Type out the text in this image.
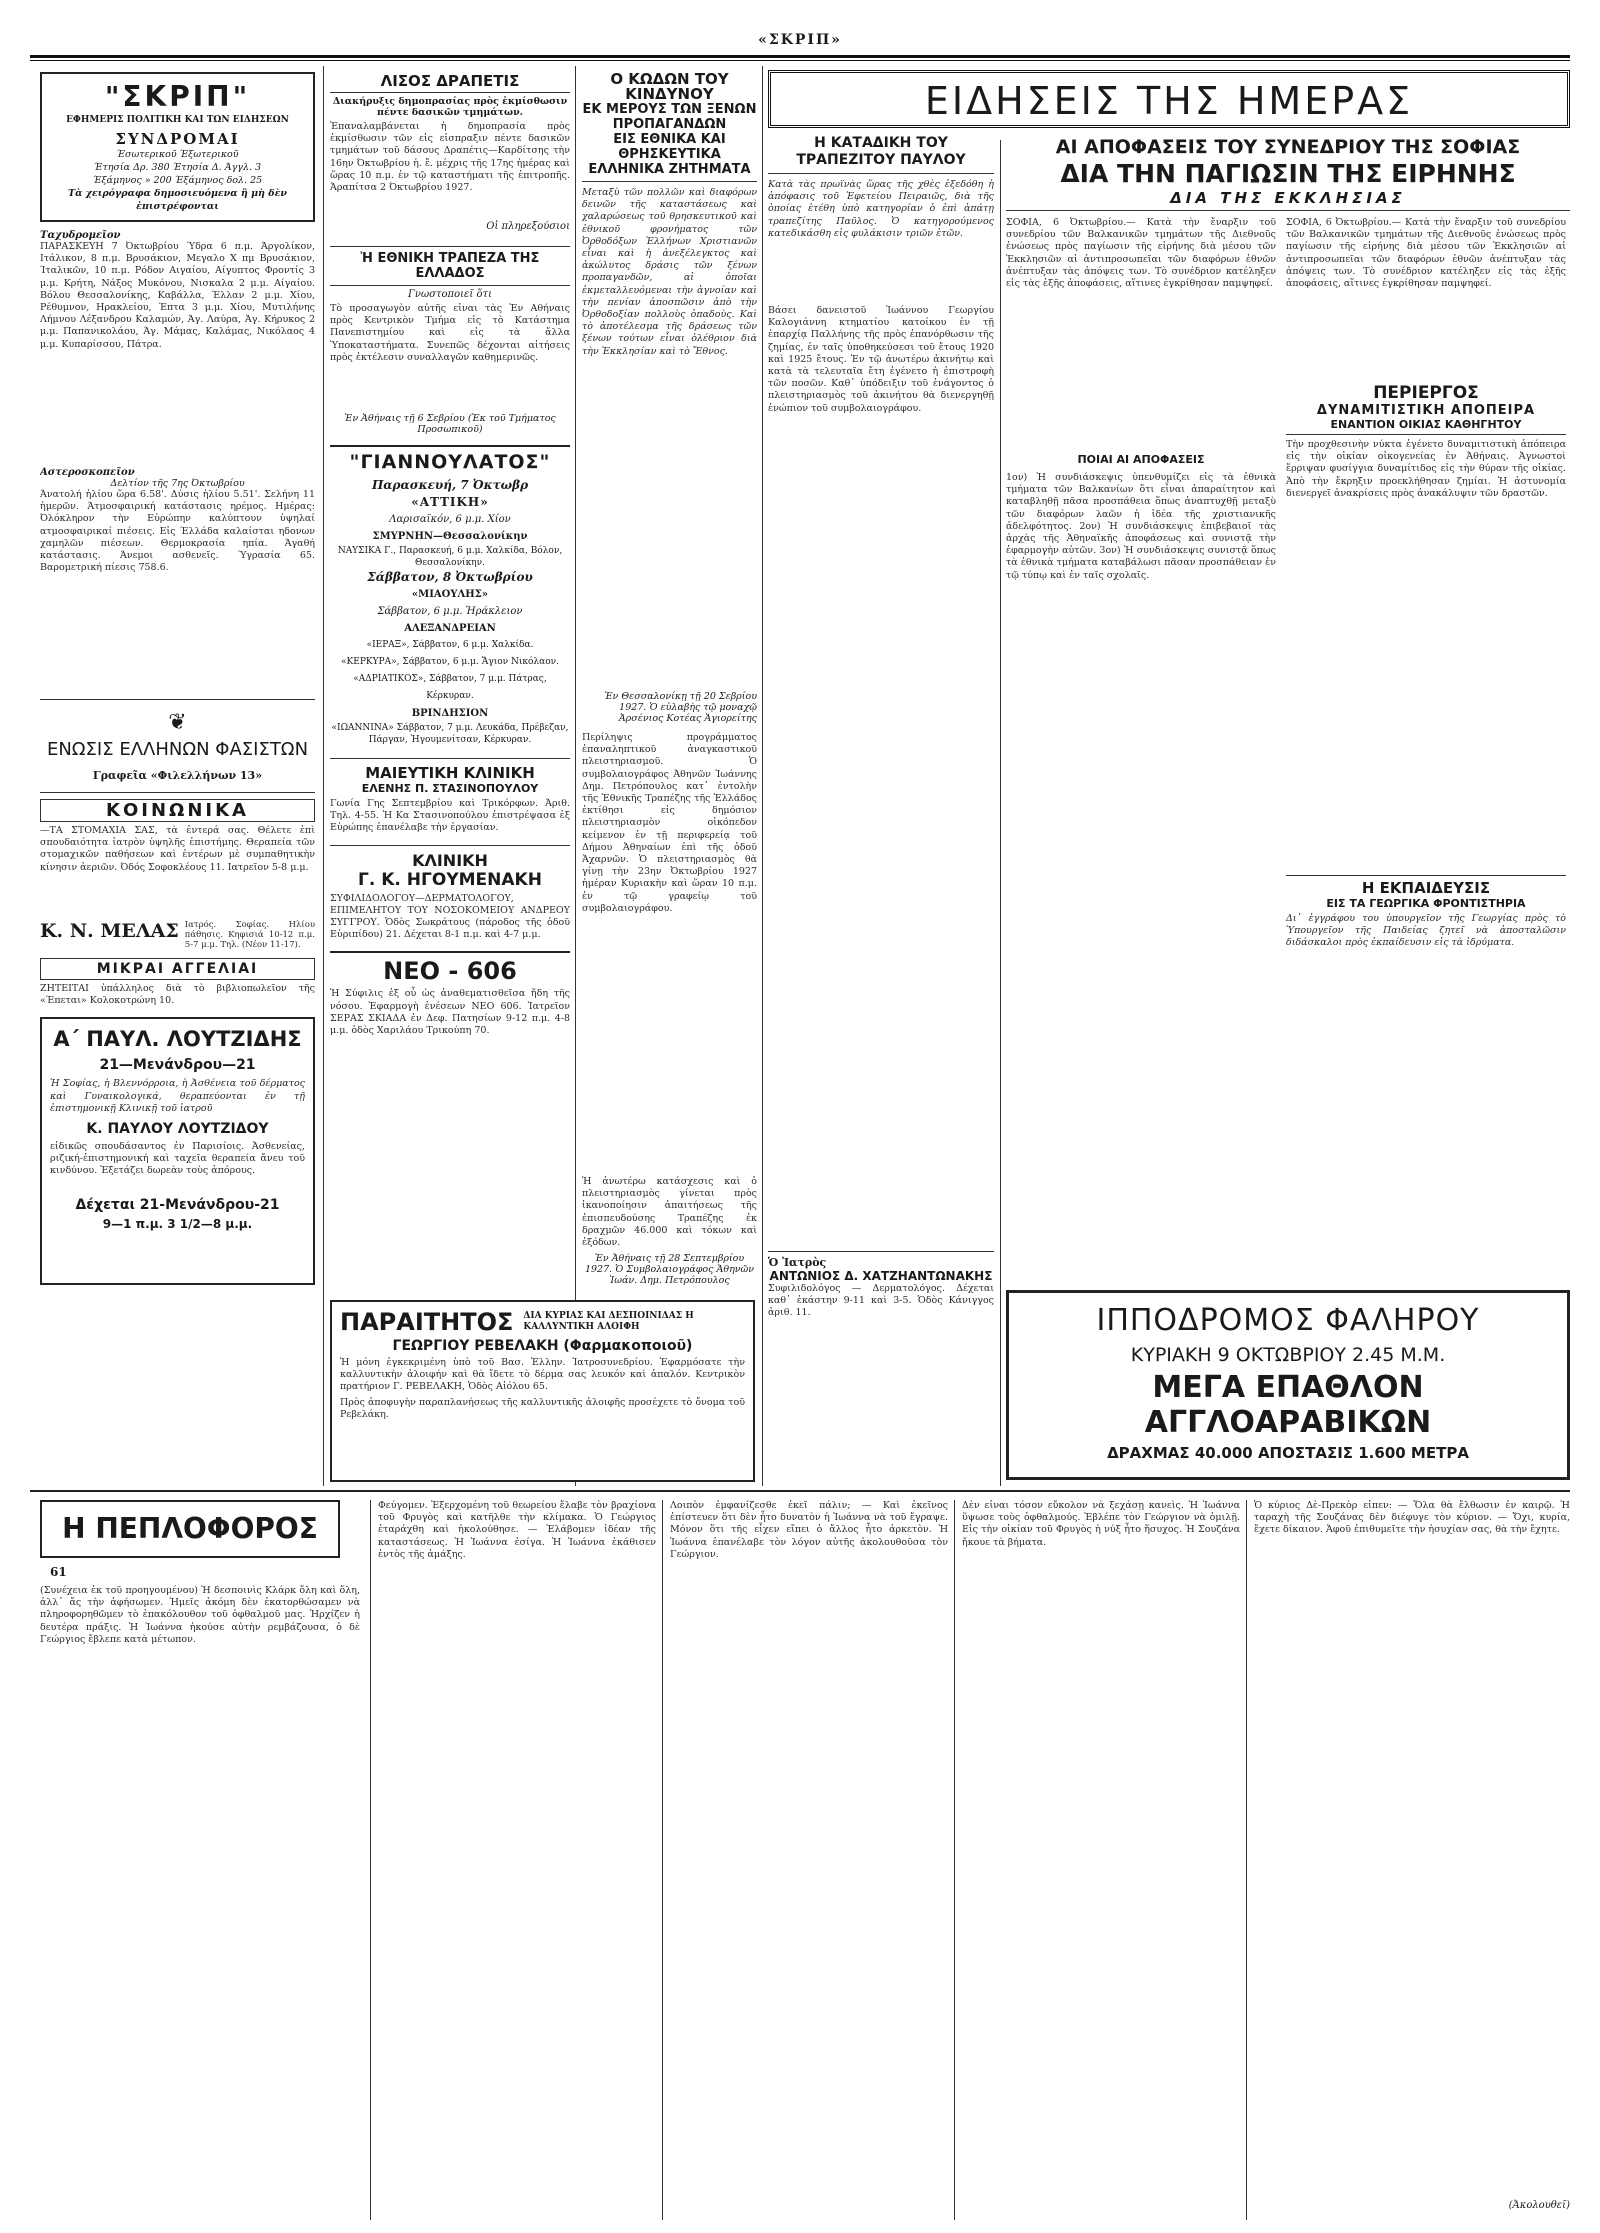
«ΣΚΡΙΠ»
"ΣΚΡΙΠ"
ΕΦΗΜΕΡΙΣ ΠΟΛΙΤΙΚΗ ΚΑΙ ΤΩΝ ΕΙΔΗΣΕΩΝ
ΣΥΝΔΡΟΜΑΙ
Έσωτερικοῦ Έξωτερικοῦ
Έτησία Δρ. 380 Έτησία Δ. Άγγλ. 3
Έξάμηνος » 200 Έξάμηνος δολ. 25
Τὰ χειρόγραφα δημοσιευόμενα ἢ μὴ δὲν ἐπιστρέφονται
Ταχυδρομεῖον
ΠΑΡΑΣΚΕΥΗ 7 Όκτωβρίου Ύδρα 6 π.μ. Άργολίκον, Ιτάλικον, 8 π.μ. Βρυσάκιον, Μεγαλο Χ πμ Βρυσάκιον, Ίταλικῶν, 10 π.μ. Ρόδον Αιγαίου, Αίγυπτος Φροντίς 3 μ.μ. Κρήτη, Νάξος Μυκόνου, Νισκαλα 2 μ.μ. Αίγαίου. Βόλου Θεσσαλονίκης, Καβάλλα, Έλλαν 2 μ.μ. Χίου, Ρέθυμνον, Ηρακλείου, Έπτα 3 μ.μ. Χίου, Μυτιλήνης Λήμνου Λέξανδρου Καλαμών, Άγ. Λαύρα, Άγ. Κήρυκος 2 μ.μ. Παπανικολάου, Άγ. Μάμας, Καλάμας, Νικόλαος 4 μ.μ. Κυπαρίσσου, Πάτρα.
Αστεροσκοπεῖον
Δελτίον τῆς 7ης Όκτωβρίου
Άνατολή ἡλίου ὥρα 6.58'. Δύσις ἡλίου 5.51'. Σελήνη 11 ἡμερῶν. Άτμοσφαιρική κατάστασις ηρέμος. Ημέρας: Όλόκληρον τὴν Εὐρώπην καλύπτουν ὑψηλαί ατμοσφαιρικαί πιέσεις. Εἰς Έλλάδα καλαίσται ηδονων χαμηλῶν πιέσεων. Θερμοκρασία ηπία. Άγαθή κατάστασις. Άνεμοι ασθενεῖς. Ύγρασία 65. Βαρομετρική πίεσις 758.6.
❦
ΕΝΩΣΙΣ ΕΛΛΗΝΩΝ ΦΑΣΙΣΤΩΝ
Γραφεῖα «Φιλελλήνων 13»
ΚΟΙΝΩΝΙΚΑ
—ΤΑ ΣΤΟΜΑΧΙΑ ΣΑΣ, τὰ ἐντερά σας. Θέλετε ἐπὶ σπουδαιότητα ἰατρὸν ὑψηλῆς ἐπιστήμης. Θεραπεία τῶν στομαχικῶν παθήσεων καὶ ἐντέρων μὲ συμπαθητικὴν κίνησιν ἀεριῶν. Όδός Σοφοκλέους 11. Ιατρεῖον 5-8 μ.μ.
Κ. Ν. ΜΕΛΑΣ Ιατρός. Σοφίας. Ηλίου πάθησις. Κηφισιά 10-12 π.μ. 5-7 μ.μ. Τηλ. (Νέον 11-17).
ΜΙΚΡΑΙ ΑΓΓΕΛΙΑΙ
ΖΗΤΕΙΤΑΙ ὑπάλληλος διὰ τὸ βιβλιοπωλεῖον τῆς «Έπεται» Κολοκοτρώνη 10.
Α΄ ΠΑΥΛ. ΛΟΥΤΖΙΔΗΣ
21—Μενάνδρου—21
Ἡ Σοφίας, ἡ Βλεννόρροια, ἡ Ἀσθένεια τοῦ δέρματος καὶ Γυναικολογικά, θεραπεύονται ἐν τῇ ἐπιστημονικῇ Κλινικῇ τοῦ ἰατροῦ
Κ. ΠΑΥΛΟΥ ΛΟΥΤΖΙΔΟΥ
εἰδικῶς σπουδάσαντος ἐν Παρισίοις. Ἀσθενείας, ριζική-ἐπιστημονική καὶ ταχεῖα θεραπεία ἄνευ τοῦ κινδύνου. Ἐξετάζει δωρεὰν τοὺς ἀπόρους.
Δέχεται 21-Μενάνδρου-21
9—1 π.μ. 3 1/2—8 μ.μ.
ΛΙΣΟΣ ΔΡΑΠΕΤΙΣ
Διακήρυξις δημοπρασίας πρὸς ἐκμίσθωσιν πέντε δασικῶν τμημάτων.
Ἐπαναλαμβάνεται ἡ δημοπρασία πρὸς ἐκμίσθωσιν τῶν εἰς εἰσπραξιν πέντε δασικῶν τμημάτων τοῦ δάσους Δραπέτις—Καρδίτσης τὴν 16ην Όκτωβρίου ἡ. ἔ. μέχρις τῆς 17ης ἡμέρας καὶ ὥρας 10 π.μ. ἐν τῷ καταστήματι τῆς ἐπιτροπῆς. Ἀραπίτσα 2 Όκτωβρίου 1927.
Οἱ πληρεξούσιοι
Ἡ ΕΘΝΙΚΗ ΤΡΑΠΕΖΑ ΤΗΣ ΕΛΛΑΔΟΣ
Γνωστοποιεῖ ὅτι
Τὸ προσαγωγὸν αὐτῆς εἶναι τὰς Ἐν Αθήναις πρὸς Κεντρικὸν Τμήμα εἰς τὸ Κατάστημα Πανεπιστημίου καὶ εἰς τὰ ἄλλα Ὑποκαταστήματα. Συνεπῶς δέχονται αἰτήσεις πρὸς ἐκτέλεσιν συναλλαγῶν καθημερινῶς.
Ἐν Ἀθήναις τῇ 6 Σεβρίου (Ἐκ τοῦ Τμήματος Προσωπικοῦ)
"ΓΙΑΝΝΟΥΛΑΤΟΣ"
Παρασκευή, 7 Ὀκτωβρ
«ΑΤΤΙΚΗ»
Λαρισαϊκόν, 6 μ.μ. Χίον
ΣΜΥΡΝΗΝ—Θεσσαλονίκην
ΝΑΥΣΙΚΑ Γ., Παρασκευή, 6 μ.μ. Χαλκίδα, Βόλον, Θεσσαλονίκην.
Σάββατον, 8 Ὀκτωβρίου
«ΜΙΑΟΥΛΗΣ»
Σάββατον, 6 μ.μ. Ἡράκλειον
ΑΛΕΞΑΝΔΡΕΙΑΝ
«ΙΕΡΑΞ», Σάββατον, 6 μ.μ. Χαλκίδα.
«ΚΕΡΚΥΡΑ», Σάββατον, 6 μ.μ. Ἄγιον Νικόλαον.
«ΑΔΡΙΑΤΙΚΟΣ», Σάββατον, 7 μ.μ. Πάτρας, Κέρκυραν.
ΒΡΙΝΔΗΣΙΟΝ
«ΙΩΑΝΝΙΝΑ» Σάββατον, 7 μ.μ. Λευκάδα, Πρέβεζαν, Πάργαν, Ἠγουμενίτσαν, Κέρκυραν.
ΜΑΙΕΥΤΙΚΗ ΚΛΙΝΙΚΗ
ΕΛΕΝΗΣ Π. ΣΤΑΣΙΝΟΠΟΥΛΟΥ
Γωνία Γης Σεπτεμβρίου καὶ Τρικόρφων. Ἀριθ. Τηλ. 4-55. Ἡ Κα Στασινοπούλου ἐπιστρέψασα ἐξ Εὐρώπης ἐπανέλαβε τὴν ἐργασίαν.
ΚΛΙΝΙΚΗ
Γ. Κ. ΗΓΟΥΜΕΝΑΚΗ
ΣΥΦΙΛΙΔΟΛΟΓΟΥ—ΔΕΡΜΑΤΟΛΟΓΟΥ, ΕΠΙΜΕΛΗΤΟΥ ΤΟΥ ΝΟΣΟΚΟΜΕΙΟΥ ΑΝΔΡΕΟΥ ΣΥΓΓΡΟΥ. Ὁδὸς Σωκράτους (πάροδος τῆς ὁδοῦ Εὐριπίδου) 21. Δέχεται 8-1 π.μ. καὶ 4-7 μ.μ.
ΝΕΟ - 606
Ἡ Σύφιλις ἐξ οὗ ὡς ἀναθεματισθεῖσα ἤδη τῆς νόσου. Ἐφαρμογὴ ἐνέσεων ΝΕΟ 606. Ἰατρεῖον ΣΕΡΑΣ ΣΚΙΑΔΑ ἐν Δεφ. Πατησίων 9-12 π.μ. 4-8 μ.μ. ὁδὸς Χαριλάου Τρικούπη 70.
ΠΑΡΑΙΤΗΤΟΣ ΔΙΑ ΚΥΡΙΑΣ ΚΑΙ ΔΕΣΠΟΙΝΙΔΑΣ Η ΚΑΛΛΥΝΤΙΚΗ ΑΛΟΙΦΗ
ΓΕΩΡΓΙΟΥ ΡΕΒΕΛΑΚΗ (Φαρμακοποιοῦ)
Ἡ μόνη ἐγκεκριμένη ὑπὸ τοῦ Βασ. Ἑλλην. Ἰατροσυνεδρίου. Ἐφαρμόσατε τὴν καλλυντικὴν ἀλοιφήν καὶ θὰ ἴδετε τὸ δέρμα σας λευκόν καὶ ἁπαλόν. Κεντρικὸν πρατήριον Γ. ΡΕΒΕΛΑΚΗ, Ὁδὸς Αἰόλου 65.
Πρὸς ἀποφυγὴν παραπλανήσεως τῆς καλλυντικῆς ἀλοιφῆς προσέχετε τὸ ὄνομα τοῦ Ρεβελάκη.
Ο ΚΩΔΩΝ ΤΟΥ ΚΙΝΔΥΝΟΥ
ΕΚ ΜΕΡΟΥΣ ΤΩΝ ΞΕΝΩΝ ΠΡΟΠΑΓΑΝΔΩΝ
ΕΙΣ ΕΘΝΙΚΑ ΚΑΙ ΘΡΗΣΚΕΥΤΙΚΑ
ΕΛΛΗΝΙΚΑ ΖΗΤΗΜΑΤΑ
Μεταξὺ τῶν πολλῶν καὶ διαφόρων δεινῶν τῆς καταστάσεως καὶ χαλαρώσεως τοῦ θρησκευτικοῦ καὶ ἐθνικοῦ φρονήματος τῶν Ὀρθοδόξων Ἑλλήνων Χριστιανῶν εἶναι καὶ ἡ ἀνεξέλεγκτος καὶ ἀκώλυτος δράσις τῶν ξένων προπαγανδῶν, αἱ ὁποῖαι ἐκμεταλλευόμεναι τὴν ἀγνοίαν καὶ τὴν πενίαν ἀποσπῶσιν ἀπὸ τὴν Ὀρθοδοξίαν πολλοὺς ὀπαδοὺς. Καὶ τὸ ἀποτέλεσμα τῆς δράσεως τῶν ξένων τούτων εἶναι ὀλέθριον διὰ τὴν Ἐκκλησίαν καὶ τὸ Ἔθνος.
Ἐν Θεσσαλονίκῃ τῇ 20 Σεβρίου 1927. Ὁ εὐλαβὴς τῷ μοναχῷ Ἀρσένιος Κοτέας Ἁγιορείτης
Περίληψις προγράμματος ἐπαναληπτικοῦ ἀναγκαστικοῦ πλειστηριασμοῦ. Ὁ συμβολαιογράφος Ἀθηνῶν Ἰωάννης Δημ. Πετρόπουλος κατ᾽ ἐντολὴν τῆς Ἐθνικῆς Τραπέζης τῆς Ἑλλάδος ἐκτίθησι εἰς δημόσιον πλειστηριασμὸν οἰκόπεδον κείμενον ἐν τῇ περιφερείᾳ τοῦ Δήμου Ἀθηναίων ἐπὶ τῆς ὁδοῦ Ἀχαρνῶν. Ὁ πλειστηριασμὸς θὰ γίνῃ τὴν 23ην Ὀκτωβρίου 1927 ἡμέραν Κυριακὴν καὶ ὥραν 10 π.μ. ἐν τῷ γραφείῳ τοῦ συμβολαιογράφου.
Ἡ ἀνωτέρω κατάσχεσις καὶ ὁ πλειστηριασμὸς γίνεται πρὸς ἱκανοποίησιν ἀπαιτήσεως τῆς ἐπισπευδούσης Τραπέζης ἐκ δραχμῶν 46.000 καὶ τόκων καὶ ἐξόδων.
Ἐν Ἀθήναις τῇ 28 Σεπτεμβρίου 1927. Ὁ Συμβολαιογράφος Ἀθηνῶν Ἰωάν. Δημ. Πετρόπουλος
ΕΙΔΗΣΕΙΣ ΤΗΣ ΗΜΕΡΑΣ
Η ΚΑΤΑΔΙΚΗ ΤΟΥ ΤΡΑΠΕΖΙΤΟΥ ΠΑΥΛΟΥ
Κατὰ τὰς πρωϊνὰς ὥρας τῆς χθὲς ἐξεδόθη ἡ ἀπόφασις τοῦ Ἐφετείου Πειραιῶς, διὰ τῆς ὁποίας ἐτέθη ὑπὸ κατηγορίαν ὁ ἐπὶ ἀπάτῃ τραπεζίτης Παῦλος. Ὁ κατηγορούμενος κατεδικάσθη εἰς φυλάκισιν τριῶν ἐτῶν.
Βάσει δανειστοῦ Ἰωάννου Γεωργίου Καλογιάννη κτηματίου κατοίκου ἐν τῇ ἐπαρχίᾳ Παλλήνης τῆς πρὸς ἐπανόρθωσιν τῆς ζημίας, ἐν ταῖς ὑποθηκεύσεσι τοῦ ἔτους 1920 καὶ 1925 ἔτους. Ἐν τῷ ἀνωτέρω ἀκινήτῳ καὶ κατὰ τὰ τελευταῖα ἔτη ἐγένετο ἡ ἐπιστροφὴ τῶν ποσῶν. Καθ᾽ ὑπόδειξιν τοῦ ἐνάγοντος ὁ πλειστηριασμὸς τοῦ ἀκινήτου θὰ διενεργηθῇ ἐνώπιον τοῦ συμβολαιογράφου.
Ὁ Ἰατρὸς
ΑΝΤΩΝΙΟΣ Δ. ΧΑΤΖΗΑΝΤΩΝΑΚΗΣ
Συφιλιδολόγος — Δερματολόγος. Δέχεται καθ᾽ ἑκάστην 9-11 καὶ 3-5. Ὁδὸς Κάνιγγος ἀριθ. 11.
ΑΙ ΑΠΟΦΑΣΕΙΣ ΤΟΥ ΣΥΝΕΔΡΙΟΥ ΤΗΣ ΣΟΦΙΑΣ
ΔΙΑ ΤΗΝ ΠΑΓΙΩΣΙΝ ΤΗΣ ΕΙΡΗΝΗΣ
ΔΙΑ ΤΗΣ ΕΚΚΛΗΣΙΑΣ
ΣΟΦΙΑ, 6 Ὀκτωβρίου.— Κατὰ τὴν ἔναρξιν τοῦ συνεδρίου τῶν Βαλκανικῶν τμημάτων τῆς Διεθνοῦς ἑνώσεως πρὸς παγίωσιν τῆς εἰρήνης διὰ μέσου τῶν Ἐκκλησιῶν αἱ ἀντιπροσωπεῖαι τῶν διαφόρων ἐθνῶν ἀνέπτυξαν τὰς ἀπόψεις των. Τὸ συνέδριον κατέληξεν εἰς τὰς ἑξῆς ἀποφάσεις, αἵτινες ἐγκρίθησαν παμψηφεί.
ΠΟΙΑΙ ΑΙ ΑΠΟΦΑΣΕΙΣ
1ον) Ἡ συνδιάσκεψις ὑπενθυμίζει εἰς τὰ ἐθνικὰ τμήματα τῶν Βαλκανίων ὅτι εἶναι ἀπαραίτητον καὶ καταβληθῇ πᾶσα προσπάθεια ὅπως ἀναπτυχθῇ μεταξὺ τῶν διαφόρων λαῶν ἡ ἰδέα τῆς χριστιανικῆς ἀδελφότητος. 2ον) Ἡ συνδιάσκεψις ἐπιβεβαιοῖ τὰς ἀρχὰς τῆς Ἀθηναϊκῆς ἀποφάσεως καὶ συνιστᾷ τὴν ἐφαρμογὴν αὐτῶν. 3ον) Ἡ συνδιάσκεψις συνιστᾷ ὅπως τὰ ἐθνικὰ τμήματα καταβάλωσι πᾶσαν προσπάθειαν ἐν τῷ τύπῳ καὶ ἐν ταῖς σχολαῖς.
ΣΟΦΙΑ, 6 Ὀκτωβρίου.— Κατὰ τὴν ἔναρξιν τοῦ συνεδρίου τῶν Βαλκανικῶν τμημάτων τῆς Διεθνοῦς ἑνώσεως πρὸς παγίωσιν τῆς εἰρήνης διὰ μέσου τῶν Ἐκκλησιῶν αἱ ἀντιπροσωπεῖαι τῶν διαφόρων ἐθνῶν ἀνέπτυξαν τὰς ἀπόψεις των. Τὸ συνέδριον κατέληξεν εἰς τὰς ἑξῆς ἀποφάσεις, αἵτινες ἐγκρίθησαν παμψηφεί.
ΠΕΡΙΕΡΓΟΣ
ΔΥΝΑΜΙΤΙΣΤΙΚΗ ΑΠΟΠΕΙΡΑ
ΕΝΑΝΤΙΟΝ ΟΙΚΙΑΣ ΚΑΘΗΓΗΤΟΥ
Τὴν προχθεσινὴν νύκτα ἐγένετο δυναμιτιστικὴ ἀπόπειρα εἰς τὴν οἰκίαν οἰκογενείας ἐν Ἀθήναις. Ἀγνωστοὶ ἔρριψαν φυσίγγια δυναμίτιδος εἰς τὴν θύραν τῆς οἰκίας. Ἀπὸ τὴν ἔκρηξιν προεκλήθησαν ζημίαι. Ἡ ἀστυνομία διενεργεῖ ἀνακρίσεις πρὸς ἀνακάλυψιν τῶν δραστῶν.
Η ΕΚΠΑΙΔΕΥΣΙΣ
ΕΙΣ ΤΑ ΓΕΩΡΓΙΚΑ ΦΡΟΝΤΙΣΤΗΡΙΑ
Δι᾽ ἐγγράφου του ὑπουργεῖον τῆς Γεωργίας πρὸς τὸ Ὑπουργεῖον τῆς Παιδείας ζητεῖ νὰ ἀποσταλῶσιν διδάσκαλοι πρὸς ἐκπαίδευσιν εἰς τὰ ἱδρύματα.
ΙΠΠΟΔΡΟΜΟΣ ΦΑΛΗΡΟΥ
ΚΥΡΙΑΚΗ 9 ΟΚΤΩΒΡΙΟΥ 2.45 Μ.Μ.
ΜΕΓΑ ΕΠΑΘΛΟΝ
ΑΓΓΛΟΑΡΑΒΙΚΩΝ
ΔΡΑΧΜΑΣ 40.000 ΑΠΟΣΤΑΣΙΣ 1.600 ΜΕΤΡΑ
Η ΠΕΠΛΟΦΟΡΟΣ
61
(Συνέχεια ἐκ τοῦ προηγουμένου) Ἡ δεσποινὶς Κλάρκ ὅλη καὶ ὅλη, ἀλλ᾽ ἄς τὴν ἀφήσωμεν. Ἡμεῖς ἀκόμη δὲν ἐκατορθώσαμεν νὰ πληροφορηθῶμεν τὸ ἐπακόλουθον τοῦ ὀφθαλμοῦ μας. Ἠρχίζεν ἡ δευτέρα πράξις. Ἡ Ἰωάννα ἠκούσε αὐτὴν ρεμβάζουσα, ὁ δὲ Γεώργιος ἔβλεπε κατὰ μέτωπον.
Φεύγομεν. Ἐξερχομένη τοῦ θεωρείου ἔλαβε τὸν βραχίονα τοῦ Φρυγὸς καὶ κατῆλθε τὴν κλίμακα. Ὁ Γεώργιος ἐταράχθη καὶ ἠκολούθησε. — Ἐλάβομεν ἰδέαν τῆς καταστάσεως. Ἡ Ἰωάννα ἐσίγα. Ἡ Ἰωάννα ἐκάθισεν ἐντὸς τῆς ἀμάξης.
Λοιπὸν ἐμφανίζεσθε ἐκεῖ πάλιν; — Καὶ ἐκεῖνος ἐπίστευεν ὅτι δὲν ἦτο δυνατὸν ἡ Ἰωάννα νὰ τοῦ ἔγραψε. Μόνον ὅτι τῆς εἶχεν εἴπει ὁ ἄλλος ἦτο ἀρκετὸν. Ἡ Ἰωάννα ἐπανέλαβε τὸν λόγον αὐτῆς ἀκολουθοῦσα τὸν Γεώργιον.
Δὲν εἶναι τόσον εὔκολον νὰ ξεχάσῃ κανεὶς. Ἡ Ἰωάννα ὕψωσε τοὺς ὀφθαλμούς. Ἐβλέπε τὸν Γεώργιον νὰ ὁμιλῇ. Εἰς τὴν οἰκίαν τοῦ Φρυγὸς ἡ νύξ ἦτο ἥσυχος. Ἡ Σουζάνα ἤκουε τὰ βήματα.
Ὁ κύριος Δὲ-Πρεκὸρ εἶπεν: — Ὅλα θὰ ἔλθωσιν ἐν καιρῷ. Ἡ ταραχὴ τῆς Σουζάνας δὲν διέφυγε τὸν κύριον. — Ὄχι, κυρία, ἔχετε δίκαιον. Ἀφοῦ ἐπιθυμεῖτε τὴν ἡσυχίαν σας, θὰ τὴν ἔχητε.
(Ἀκολουθεῖ)
